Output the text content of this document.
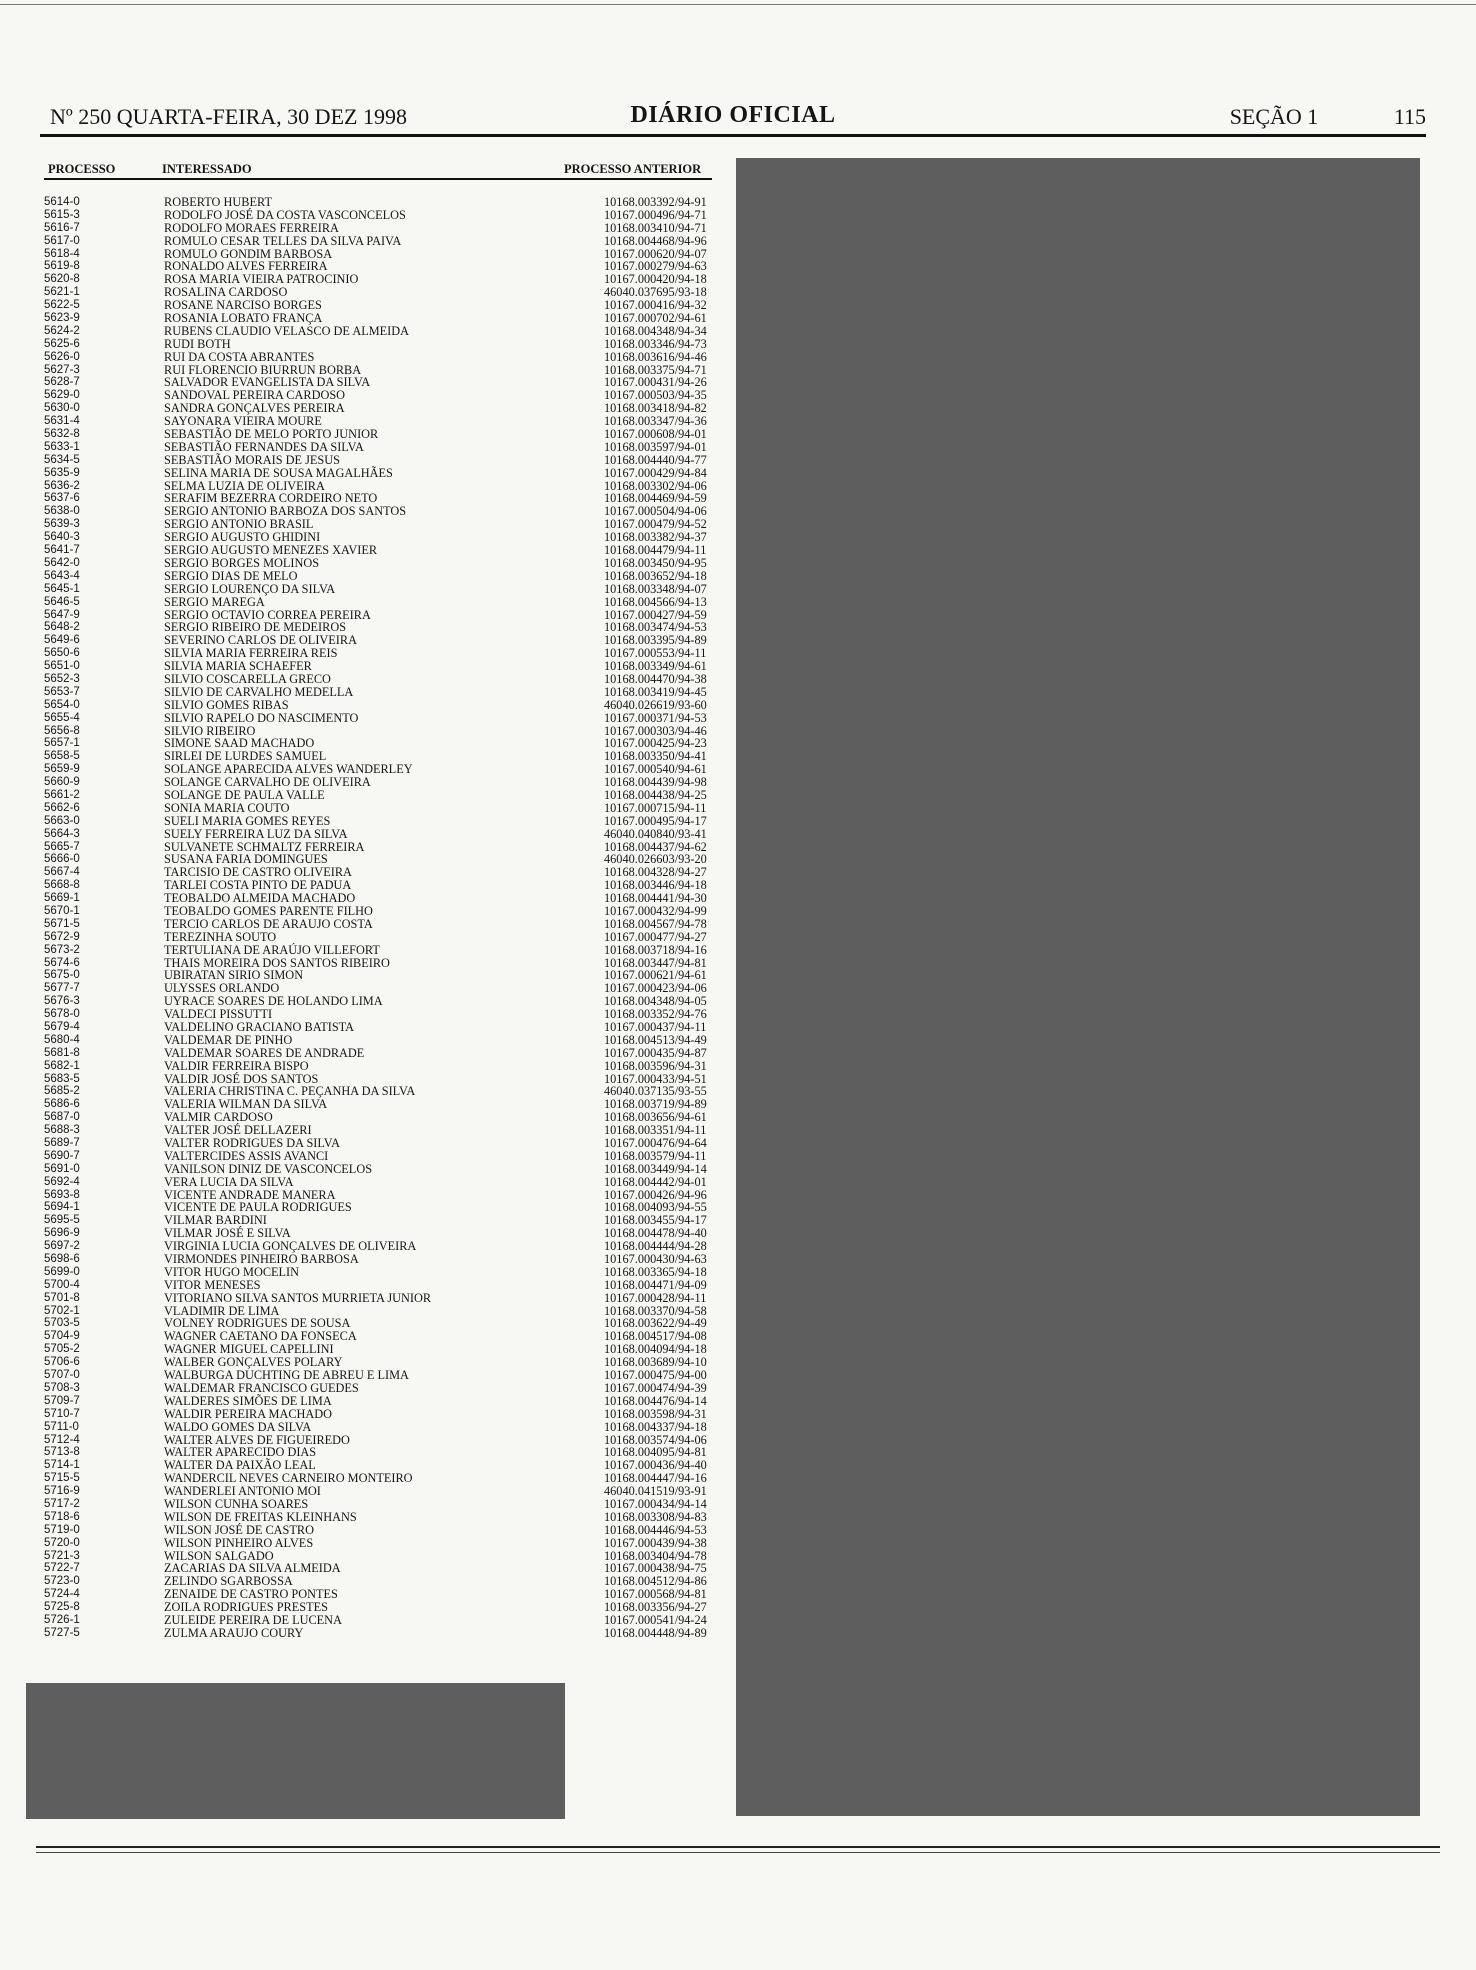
Nº 250 QUARTA-FEIRA, 30 DEZ 1998	DIÁRIO OFICIAL	SEÇÃO 1	115
PROCESSO	INTERESSADO	PROCESSO ANTERIOR
5614-0	ROBERTO HUBERT	10168.003392/94-91
5615-3	RODOLFO JOSÉ DA COSTA VASCONCELOS	10167.000496/94-71
5616-7	RODOLFO MORAES FERREIRA	10168.003410/94-71
5617-0	ROMULO CESAR TELLES DA SILVA PAIVA	10168.004468/94-96
5618-4	ROMULO GONDIM BARBOSA	10167.000620/94-07
5619-8	RONALDO ALVES FERREIRA	10167.000279/94-63
5620-8	ROSA MARIA VIEIRA PATROCINIO	10167.000420/94-18
5621-1	ROSALINA CARDOSO	46040.037695/93-18
5622-5	ROSANE NARCISO BORGES	10167.000416/94-32
5623-9	ROSANIA LOBATO FRANÇA	10167.000702/94-61
5624-2	RUBENS CLAUDIO VELASCO DE ALMEIDA	10168.004348/94-34
5625-6	RUDI BOTH	10168.003346/94-73
5626-0	RUI DA COSTA ABRANTES	10168.003616/94-46
5627-3	RUI FLORENCIO BIURRUN BORBA	10168.003375/94-71
5628-7	SALVADOR EVANGELISTA DA SILVA	10167.000431/94-26
5629-0	SANDOVAL PEREIRA CARDOSO	10167.000503/94-35
5630-0	SANDRA GONÇALVES PEREIRA	10168.003418/94-82
5631-4	SAYONARA VIEIRA MOURE	10168.003347/94-36
5632-8	SEBASTIÃO DE MELO PORTO JUNIOR	10167.000608/94-01
5633-1	SEBASTIÃO FERNANDES DA SILVA	10168.003597/94-01
5634-5	SEBASTIÃO MORAIS DE JESUS	10168.004440/94-77
5635-9	SELINA MARIA DE SOUSA MAGALHÃES	10167.000429/94-84
5636-2	SELMA LUZIA DE OLIVEIRA	10168.003302/94-06
5637-6	SERAFIM BEZERRA CORDEIRO NETO	10168.004469/94-59
5638-0	SERGIO ANTONIO BARBOZA DOS SANTOS	10167.000504/94-06
5639-3	SERGIO ANTONIO BRASIL	10167.000479/94-52
5640-3	SERGIO AUGUSTO GHIDINI	10168.003382/94-37
5641-7	SERGIO AUGUSTO MENEZES XAVIER	10168.004479/94-11
5642-0	SERGIO BORGES MOLINOS	10168.003450/94-95
5643-4	SERGIO DIAS DE MELO	10168.003652/94-18
5645-1	SERGIO LOURENÇO DA SILVA	10168.003348/94-07
5646-5	SERGIO MAREGA	10168.004566/94-13
5647-9	SERGIO OCTAVIO CORREA PEREIRA	10167.000427/94-59
5648-2	SERGIO RIBEIRO DE MEDEIROS	10168.003474/94-53
5649-6	SEVERINO CARLOS DE OLIVEIRA	10168.003395/94-89
5650-6	SILVIA MARIA FERREIRA REIS	10167.000553/94-11
5651-0	SILVIA MARIA SCHAEFER	10168.003349/94-61
5652-3	SILVIO COSCARELLA GRECO	10168.004470/94-38
5653-7	SILVIO DE CARVALHO MEDELLA	10168.003419/94-45
5654-0	SILVIO GOMES RIBAS	46040.026619/93-60
5655-4	SILVIO RAPELO DO NASCIMENTO	10167.000371/94-53
5656-8	SILVIO RIBEIRO	10167.000303/94-46
5657-1	SIMONE SAAD MACHADO	10167.000425/94-23
5658-5	SIRLEI DE LURDES SAMUEL	10168.003350/94-41
5659-9	SOLANGE APARECIDA ALVES WANDERLEY	10167.000540/94-61
5660-9	SOLANGE CARVALHO DE OLIVEIRA	10168.004439/94-98
5661-2	SOLANGE DE PAULA VALLE	10168.004438/94-25
5662-6	SONIA MARIA COUTO	10167.000715/94-11
5663-0	SUELI MARIA GOMES REYES	10167.000495/94-17
5664-3	SUELY FERREIRA LUZ DA SILVA	46040.040840/93-41
5665-7	SULVANETE SCHMALTZ FERREIRA	10168.004437/94-62
5666-0	SUSANA FARIA DOMINGUES	46040.026603/93-20
5667-4	TARCISIO DE CASTRO OLIVEIRA	10168.004328/94-27
5668-8	TARLEI COSTA PINTO DE PADUA	10168.003446/94-18
5669-1	TEOBALDO ALMEIDA MACHADO	10168.004441/94-30
5670-1	TEOBALDO GOMES PARENTE FILHO	10167.000432/94-99
5671-5	TERCIO CARLOS DE ARAUJO COSTA	10168.004567/94-78
5672-9	TEREZINHA SOUTO	10167.000477/94-27
5673-2	TERTULIANA DE ARAÚJO VILLEFORT	10168.003718/94-16
5674-6	THAIS MOREIRA DOS SANTOS RIBEIRO	10168.003447/94-81
5675-0	UBIRATAN SIRIO SIMON	10167.000621/94-61
5677-7	ULYSSES ORLANDO	10167.000423/94-06
5676-3	UYRACE SOARES DE HOLANDO LIMA	10168.004348/94-05
5678-0	VALDECI PISSUTTI	10168.003352/94-76
5679-4	VALDELINO GRACIANO BATISTA	10167.000437/94-11
5680-4	VALDEMAR DE PINHO	10168.004513/94-49
5681-8	VALDEMAR SOARES DE ANDRADE	10167.000435/94-87
5682-1	VALDIR FERREIRA BISPO	10168.003596/94-31
5683-5	VALDIR JOSÉ DOS SANTOS	10167.000433/94-51
5685-2	VALERIA CHRISTINA C. PEÇANHA DA SILVA	46040.037135/93-55
5686-6	VALERIA WILMAN DA SILVA	10168.003719/94-89
5687-0	VALMIR CARDOSO	10168.003656/94-61
5688-3	VALTER JOSÉ DELLAZERI	10168.003351/94-11
5689-7	VALTER RODRIGUES DA SILVA	10167.000476/94-64
5690-7	VALTERCIDES ASSIS AVANCI	10168.003579/94-11
5691-0	VANILSON DINIZ DE VASCONCELOS	10168.003449/94-14
5692-4	VERA LUCIA DA SILVA	10168.004442/94-01
5693-8	VICENTE ANDRADE MANERA	10167.000426/94-96
5694-1	VICENTE DE PAULA RODRIGUES	10168.004093/94-55
5695-5	VILMAR BARDINI	10168.003455/94-17
5696-9	VILMAR JOSÉ E SILVA	10168.004478/94-40
5697-2	VIRGINIA LUCIA GONÇALVES DE OLIVEIRA	10168.004444/94-28
5698-6	VIRMONDES PINHEIRO BARBOSA	10167.000430/94-63
5699-0	VITOR HUGO MOCELIN	10168.003365/94-18
5700-4	VITOR MENESES	10168.004471/94-09
5701-8	VITORIANO SILVA SANTOS MURRIETA JUNIOR	10167.000428/94-11
5702-1	VLADIMIR DE LIMA	10168.003370/94-58
5703-5	VOLNEY RODRIGUES DE SOUSA	10168.003622/94-49
5704-9	WAGNER CAETANO DA FONSECA	10168.004517/94-08
5705-2	WAGNER MIGUEL CAPELLINI	10168.004094/94-18
5706-6	WALBER GONÇALVES POLARY	10168.003689/94-10
5707-0	WALBURGA DUCHTING DE ABREU E LIMA	10167.000475/94-00
5708-3	WALDEMAR FRANCISCO GUEDES	10167.000474/94-39
5709-7	WALDERES SIMÕES DE LIMA	10168.004476/94-14
5710-7	WALDIR PEREIRA MACHADO	10168.003598/94-31
5711-0	WALDO GOMES DA SILVA	10168.004337/94-18
5712-4	WALTER ALVES DE FIGUEIREDO	10168.003574/94-06
5713-8	WALTER APARECIDO DIAS	10168.004095/94-81
5714-1	WALTER DA PAIXÃO LEAL	10167.000436/94-40
5715-5	WANDERCIL NEVES CARNEIRO MONTEIRO	10168.004447/94-16
5716-9	WANDERLEI ANTONIO MOI	46040.041519/93-91
5717-2	WILSON CUNHA SOARES	10167.000434/94-14
5718-6	WILSON DE FREITAS KLEINHANS	10168.003308/94-83
5719-0	WILSON JOSÉ DE CASTRO	10168.004446/94-53
5720-0	WILSON PINHEIRO ALVES	10167.000439/94-38
5721-3	WILSON SALGADO	10168.003404/94-78
5722-7	ZACARIAS DA SILVA ALMEIDA	10167.000438/94-75
5723-0	ZELINDO SGARBOSSA	10168.004512/94-86
5724-4	ZENAIDE DE CASTRO PONTES	10167.000568/94-81
5725-8	ZOILA RODRIGUES PRESTES	10168.003356/94-27
5726-1	ZULEIDE PEREIRA DE LUCENA	10167.000541/94-24
5727-5	ZULMA ARAUJO COURY	10168.004448/94-89
